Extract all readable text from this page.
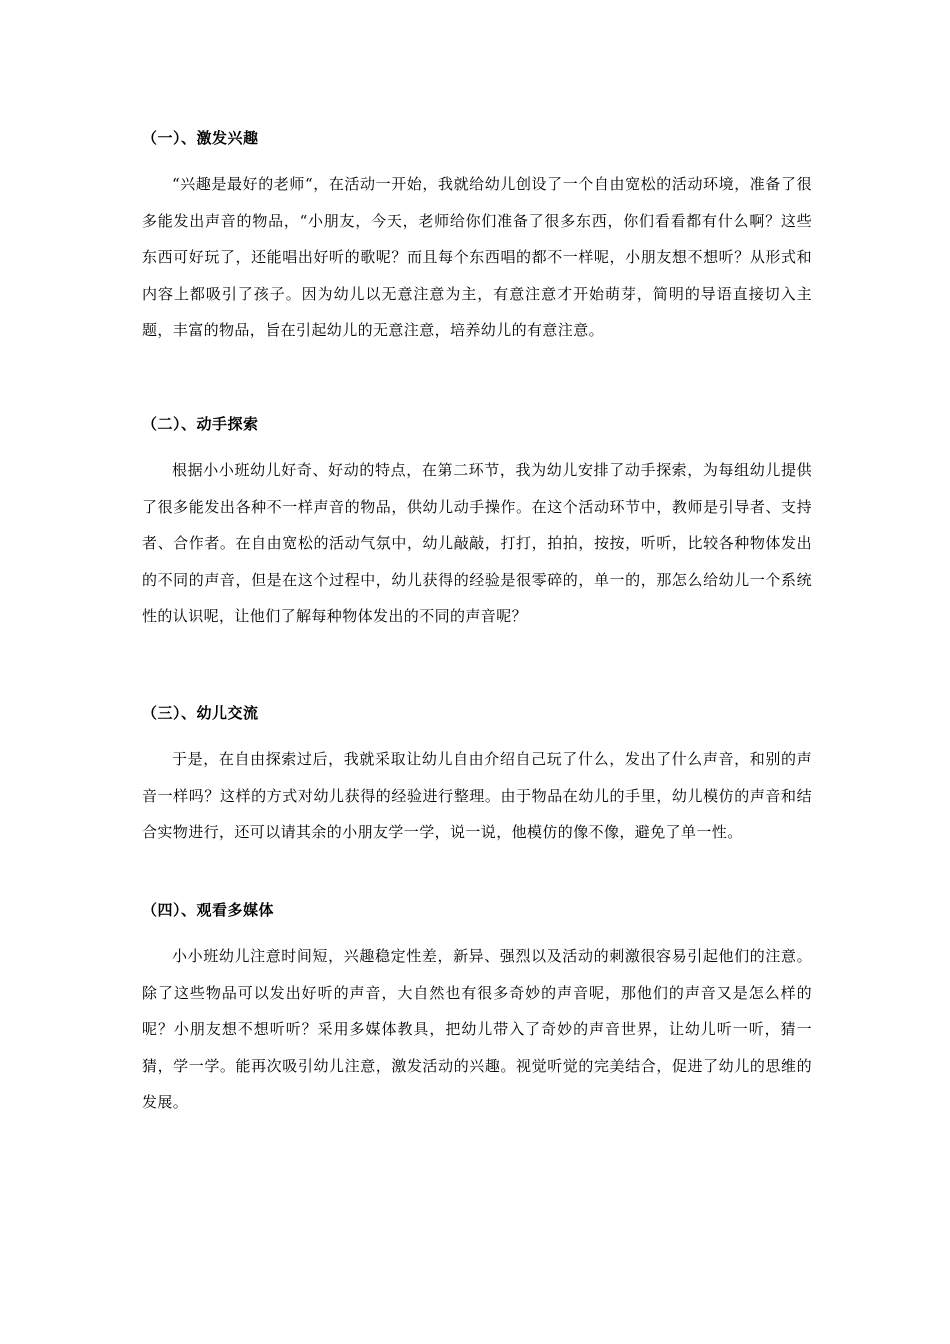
（一）、激发兴趣
“兴趣是最好的老师“，在活动一开始，我就给幼儿创设了一个自由宽松的活动环境，准备了很多能发出声音的物品，“小朋友，今天，老师给你们准备了很多东西，你们看看都有什么啊？这些东西可好玩了，还能唱出好听的歌呢？而且每个东西唱的都不一样呢，小朋友想不想听？从形式和内容上都吸引了孩子。因为幼儿以无意注意为主，有意注意才开始萌芽，简明的导语直接切入主题，丰富的物品，旨在引起幼儿的无意注意，培养幼儿的有意注意。
（二）、动手探索
根据小小班幼儿好奇、好动的特点，在第二环节，我为幼儿安排了动手探索，为每组幼儿提供了很多能发出各种不一样声音的物品，供幼儿动手操作。在这个活动环节中，教师是引导者、支持者、合作者。在自由宽松的活动气氛中，幼儿敲敲，打打，拍拍，按按，听听，比较各种物体发出的不同的声音，但是在这个过程中，幼儿获得的经验是很零碎的，单一的，那怎么给幼儿一个系统性的认识呢，让他们了解每种物体发出的不同的声音呢？
（三）、幼儿交流
于是，在自由探索过后，我就采取让幼儿自由介绍自己玩了什么，发出了什么声音，和别的声音一样吗？这样的方式对幼儿获得的经验进行整理。由于物品在幼儿的手里，幼儿模仿的声音和结合实物进行，还可以请其余的小朋友学一学，说一说，他模仿的像不像，避免了单一性。
（四）、观看多媒体
小小班幼儿注意时间短，兴趣稳定性差，新异、强烈以及活动的刺激很容易引起他们的注意。除了这些物品可以发出好听的声音，大自然也有很多奇妙的声音呢，那他们的声音又是怎么样的呢？小朋友想不想听听？采用多媒体教具，把幼儿带入了奇妙的声音世界，让幼儿听一听，猜一猜，学一学。能再次吸引幼儿注意，激发活动的兴趣。视觉听觉的完美结合，促进了幼儿的思维的发展。
